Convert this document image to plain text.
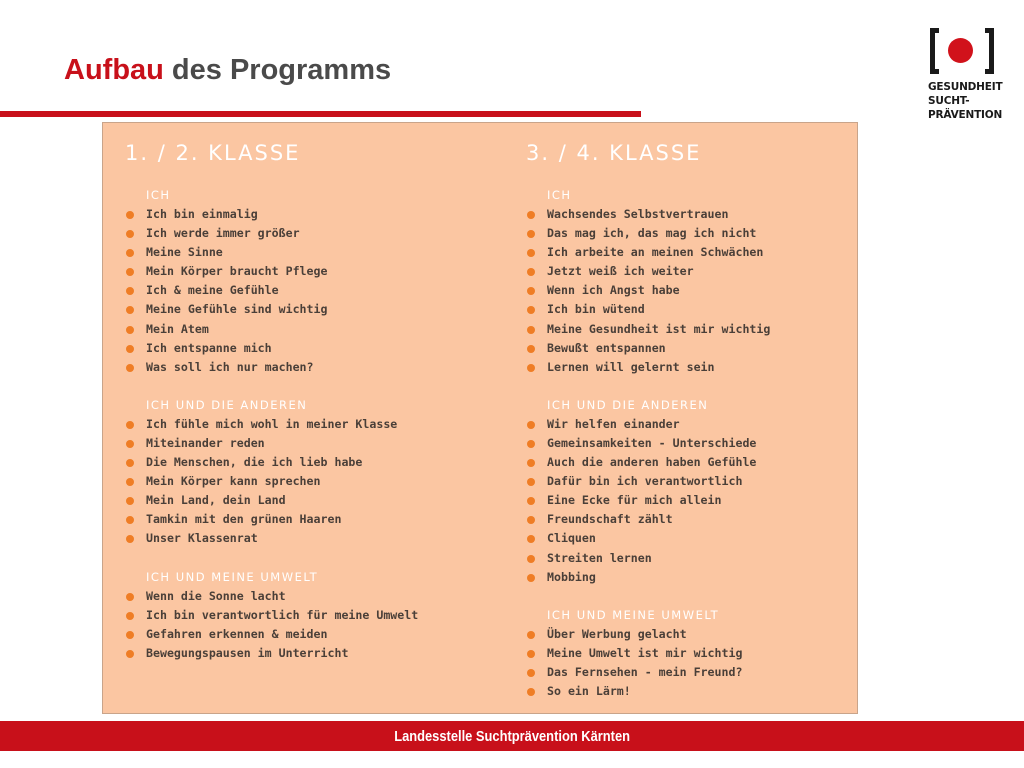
Aufbau des Programms
GESUNDHEIT
SUCHT-
PRÄVENTION
1. / 2. KLASSE
ICH
Ich bin einmalig
Ich werde immer größer
Meine Sinne
Mein Körper braucht Pflege
Ich & meine Gefühle
Meine Gefühle sind wichtig
Mein Atem
Ich entspanne mich
Was soll ich nur machen?
ICH UND DIE ANDEREN
Ich fühle mich wohl in meiner Klasse
Miteinander reden
Die Menschen, die ich lieb habe
Mein Körper kann sprechen
Mein Land, dein Land
Tamkin mit den grünen Haaren
Unser Klassenrat
ICH UND MEINE UMWELT
Wenn die Sonne lacht
Ich bin verantwortlich für meine Umwelt
Gefahren erkennen & meiden
Bewegungspausen im Unterricht
3. / 4. KLASSE
ICH
Wachsendes Selbstvertrauen
Das mag ich, das mag ich nicht
Ich arbeite an meinen Schwächen
Jetzt weiß ich weiter
Wenn ich Angst habe
Ich bin wütend
Meine Gesundheit ist mir wichtig
Bewußt entspannen
Lernen will gelernt sein
ICH UND DIE ANDEREN
Wir helfen einander
Gemeinsamkeiten - Unterschiede
Auch die anderen haben Gefühle
Dafür bin ich verantwortlich
Eine Ecke für mich allein
Freundschaft zählt
Cliquen
Streiten lernen
Mobbing
ICH UND MEINE UMWELT
Über Werbung gelacht
Meine Umwelt ist mir wichtig
Das Fernsehen - mein Freund?
So ein Lärm!
Landesstelle Suchtprävention Kärnten
